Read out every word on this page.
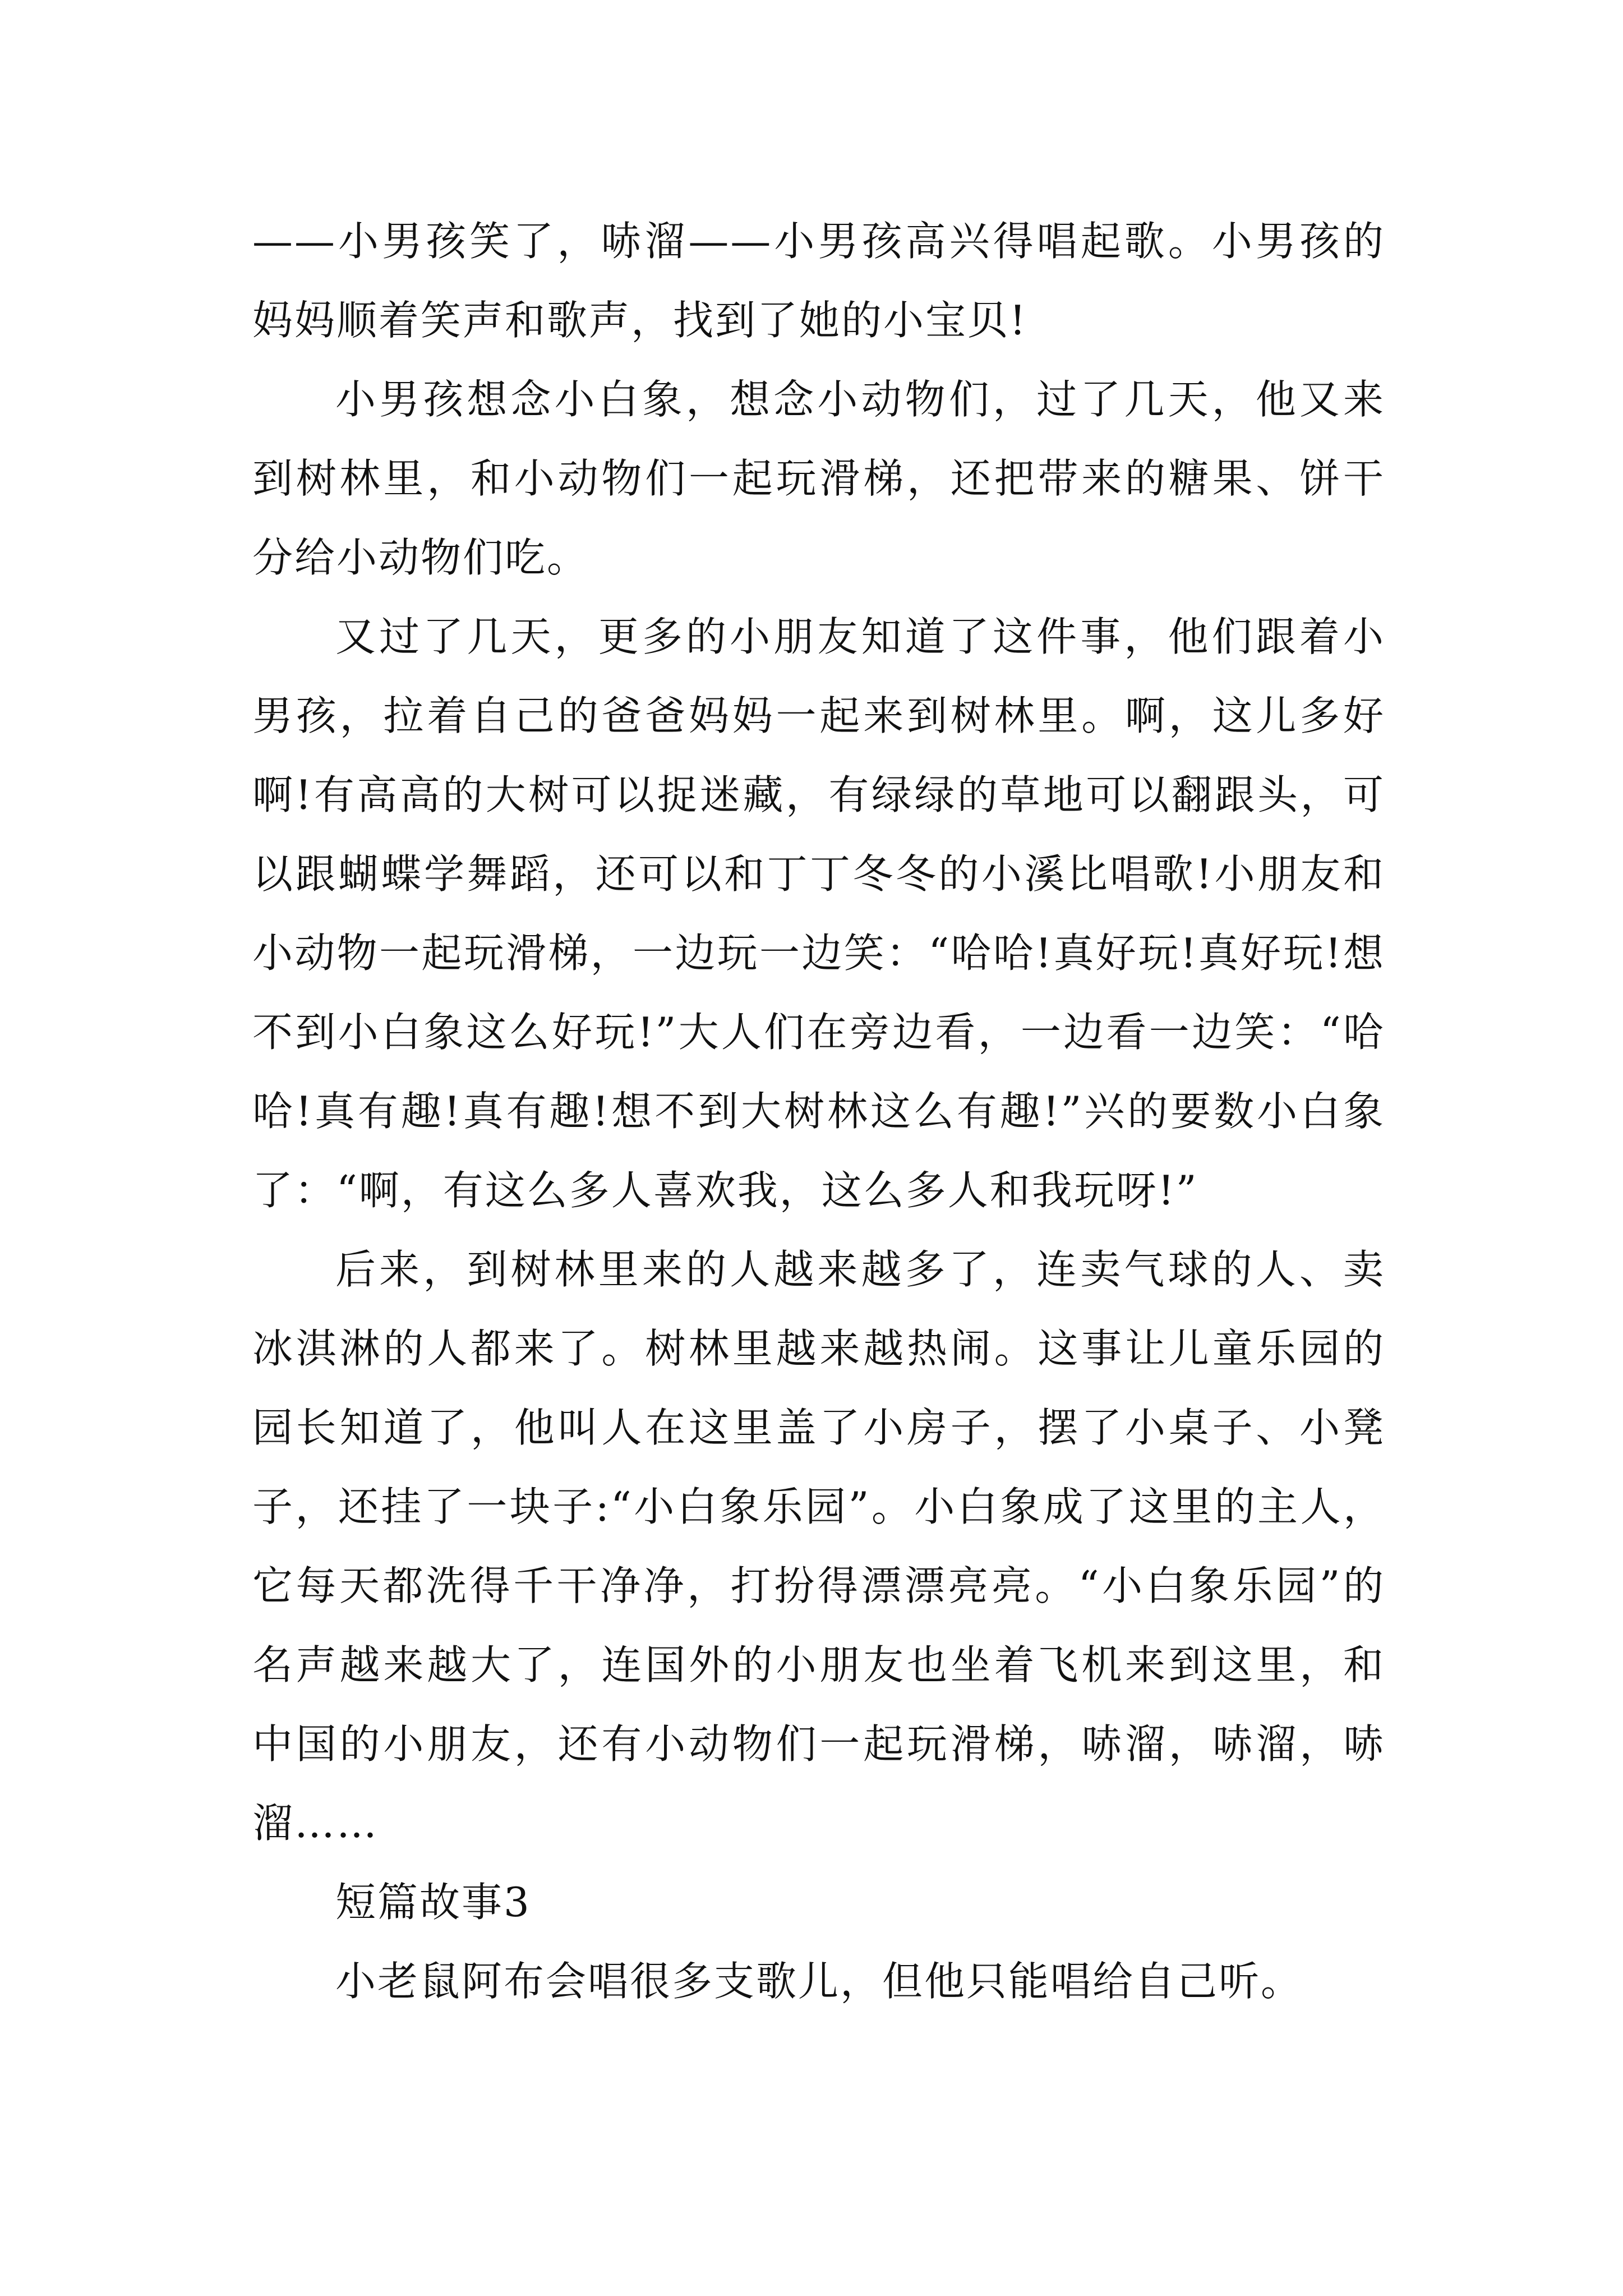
——小男孩笑了，哧溜——小男孩高兴得唱起歌。小男孩的妈妈顺着笑声和歌声，找到了她的小宝贝!

小男孩想念小白象，想念小动物们，过了几天，他又来到树林里，和小动物们一起玩滑梯，还把带来的糖果、饼干分给小动物们吃。

又过了几天，更多的小朋友知道了这件事，他们跟着小男孩，拉着自己的爸爸妈妈一起来到树林里。啊，这儿多好啊!有高高的大树可以捉迷藏，有绿绿的草地可以翻跟头，可以跟蝴蝶学舞蹈，还可以和丁丁冬冬的小溪比唱歌!小朋友和小动物一起玩滑梯，一边玩一边笑：“哈哈!真好玩!真好玩!想不到小白象这么好玩!”大人们在旁边看，一边看一边笑：“哈哈!真有趣!真有趣!想不到大树林这么有趣!”兴的要数小白象了：“啊，有这么多人喜欢我，这么多人和我玩呀!”

后来，到树林里来的人越来越多了，连卖气球的人、卖冰淇淋的人都来了。树林里越来越热闹。这事让儿童乐园的园长知道了，他叫人在这里盖了小房子，摆了小桌子、小凳子，还挂了一块子:“小白象乐园”。小白象成了这里的主人，它每天都洗得千干净净，打扮得漂漂亮亮。“小白象乐园”的名声越来越大了，连国外的小朋友也坐着飞机来到这里，和中国的小朋友，还有小动物们一起玩滑梯，哧溜，哧溜，哧溜……

短篇故事3

小老鼠阿布会唱很多支歌儿，但他只能唱给自己听。
